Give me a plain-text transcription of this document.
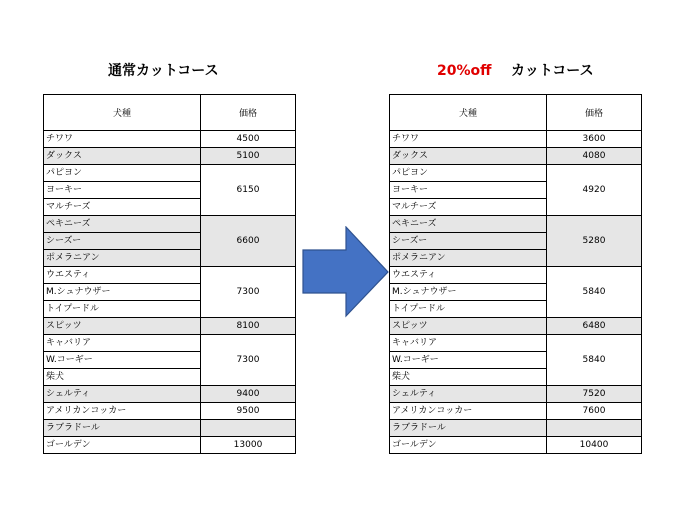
通常カットコース	20%off カットコース
犬種	価格
チワワ	4500
ダックス	5100
パピヨン	6150
ヨーキー	
マルチーズ	
ペキニーズ	6600
シーズー	
ポメラニアン	
ウエスティ	7300
M.シュナウザー	
トイプードル	
スピッツ	8100
キャバリア	7300
W.コーギー	
柴犬	
シェルティ	9400
アメリカンコッカー	9500
ラブラドール	
ゴールデン	13000
犬種	価格
チワワ	3600
ダックス	4080
パピヨン	4920
ヨーキー	
マルチーズ	
ペキニーズ	5280
シーズー	
ポメラニアン	
ウエスティ	5840
M.シュナウザー	
トイプードル	
スピッツ	6480
キャバリア	5840
W.コーギー	
柴犬	
シェルティ	7520
アメリカンコッカー	7600
ラブラドール	
ゴールデン	10400
